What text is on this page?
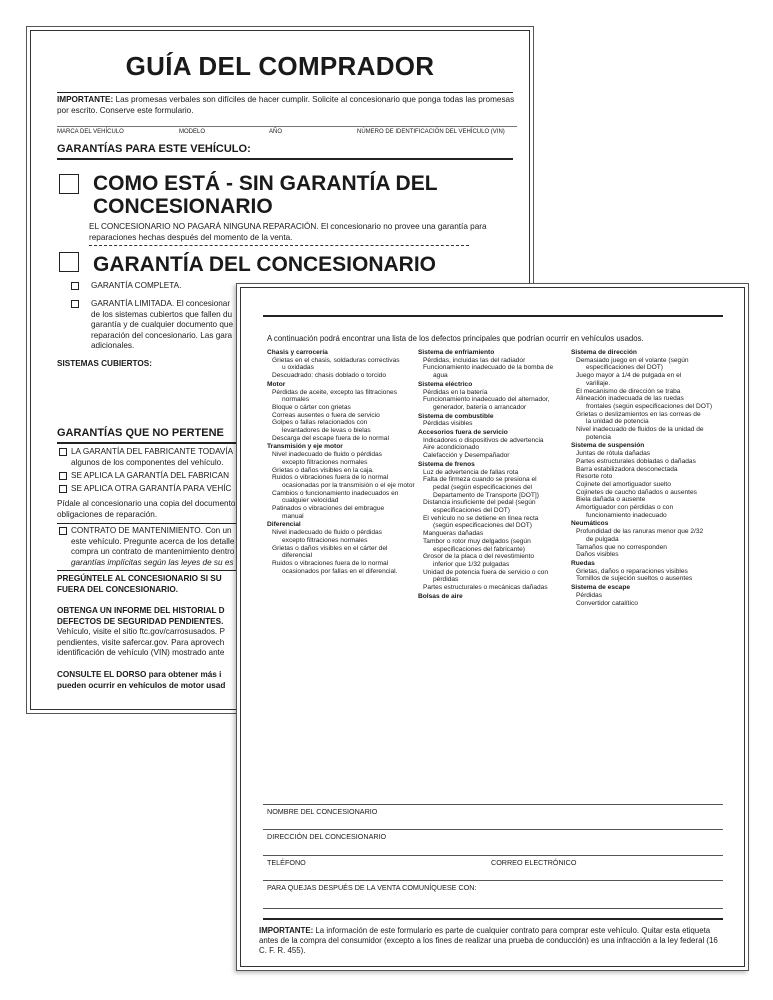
GUÍA DEL COMPRADOR
IMPORTANTE: Las promesas verbales son difíciles de hacer cumplir. Solicite al concesionario que ponga todas las promesas por escrito. Conserve este formulario.
MARCA DEL VEHÍCULO	MODELO	AÑO	NÚMERO DE IDENTIFICACIÓN DEL VEHÍCULO (VIN)
GARANTÍAS PARA ESTE VEHÍCULO:
COMO ESTÁ - SIN GARANTÍA DEL CONCESIONARIO
EL CONCESIONARIO NO PAGARÁ NINGUNA REPARACIÓN. El concesionario no provee una garantía para reparaciones hechas después del momento de la venta.
GARANTÍA DEL CONCESIONARIO
GARANTÍA COMPLETA.
GARANTÍA LIMITADA. El concesionar
de los sistemas cubiertos que fallen du
garantía y de cualquier documento que
reparación del concesionario. Las gara
adicionales.
SISTEMAS CUBIERTOS:
GARANTÍAS QUE NO PERTENE
LA GARANTÍA DEL FABRICANTE TODAVÍA
algunos de los componentes del vehículo.
SE APLICA LA GARANTÍA DEL FABRICAN
SE APLICA OTRA GARANTÍA PARA VEHÍC
Pídale al concesionario una copia del documento
obligaciones de reparación.
CONTRATO DE MANTENIMIENTO. Con un
este vehículo. Pregunte acerca de los detalle
compra un contrato de mantenimiento dentro
garantías implícitas según las leyes de su es
PREGÚNTELE AL CONCESIONARIO SI SU
FUERA DEL CONCESIONARIO.
OBTENGA UN INFORME DEL HISTORIAL D
DEFECTOS DE SEGURIDAD PENDIENTES.
Vehículo, visite el sitio ftc.gov/carrosusados. P
pendientes, visite safercar.gov. Para aprovech
identificación de vehículo (VIN) mostrado ante
CONSULTE EL DORSO para obtener más i
pueden ocurrir en vehículos de motor usad
A continuación podrá encontrar una lista de los defectos principales que podrían ocurrir en vehículos usados.
Chasis y carrocería
Grietas en el chasis, soldaduras correctivas
u oxidadas
Descuadrado: chasis doblado o torcido
Motor
Pérdidas de aceite, excepto las filtraciones
normales
Bloque o cárter con grietas
Correas ausentes o fuera de servicio
Golpes o fallas relacionados con
levantadores de levas o bielas
Descarga del escape fuera de lo normal
Transmisión y eje motor
Nivel inadecuado de fluido o pérdidas
excepto filtraciones normales
Grietas o daños visibles en la caja.
Ruidos o vibraciones fuera de lo normal
ocasionadas por la transmisión o el eje motor
Cambios o funcionamiento inadecuados en
cualquier velocidad
Patinados o vibraciones del embrague
manual
Diferencial
Nivel inadecuado de fluido o pérdidas
excepto filtraciones normales
Grietas o daños visibles en el cárter del
diferencial
Ruidos o vibraciones fuera de lo normal
ocasionados por fallas en el diferencial.
Sistema de enfriamiento
Pérdidas, incluidas las del radiador
Funcionamiento inadecuado de la bomba de
agua
Sistema eléctrico
Pérdidas en la batería
Funcionamiento inadecuado del alternador,
generador, batería o arrancador
Sistema de combustible
Pérdidas visibles
Accesorios fuera de servicio
Indicadores o dispositivos de advertencia
Aire acondicionado
Calefacción y Desempañador
Sistema de frenos
Luz de advertencia de fallas rota
Falta de firmeza cuando se presiona el
pedal (según especificaciones del Departamento de Transporte [DOT])
Distancia insuficiente del pedal (según
especificaciones del DOT)
El vehículo no se detiene en línea recta
(según especificaciones del DOT)
Mangueras dañadas
Tambor o rotor muy delgados (según
especificaciones del fabricante)
Grosor de la placa o del revestimiento
inferior que 1/32 pulgadas
Unidad de potencia fuera de servicio o con
pérdidas
Partes estructurales o mecánicas dañadas
Bolsas de aire
Sistema de dirección
Demasiado juego en el volante (según
especificaciones del DOT)
Juego mayor a 1/4 de pulgada en el
varillaje.
El mecanismo de dirección se traba
Alineación inadecuada de las ruedas
frontales (según especificaciones del DOT)
Grietas o deslizamientos en las correas de
la unidad de potencia
Nivel inadecuado de fluidos de la unidad de
potencia
Sistema de suspensión
Juntas de rótula dañadas
Partes estructurales dobladas o dañadas
Barra estabilizadora desconectada
Resorte roto
Cojinete del amortiguador suelto
Cojinetes de caucho dañados o ausentes
Biela dañada o ausente
Amortiguador con pérdidas o con
funcionamiento inadecuado
Neumáticos
Profundidad de las ranuras menor que 2/32
de pulgada
Tamaños que no corresponden
Daños visibles
Ruedas
Grietas, daños o reparaciones visibles
Tornillos de sujeción sueltos o ausentes
Sistema de escape
Pérdidas
Convertidor catalítico
NOMBRE DEL CONCESIONARIO
DIRECCIÓN DEL CONCESIONARIO
TELÉFONO	CORREO ELECTRÓNICO
PARA QUEJAS DESPUÉS DE LA VENTA COMUNÍQUESE CON:
IMPORTANTE: La información de este formulario es parte de cualquier contrato para comprar este vehículo. Quitar esta etiqueta antes de la compra del consumidor (excepto a los fines de realizar una prueba de conducción) es una infracción a la ley federal (16 C. F. R. 455).
